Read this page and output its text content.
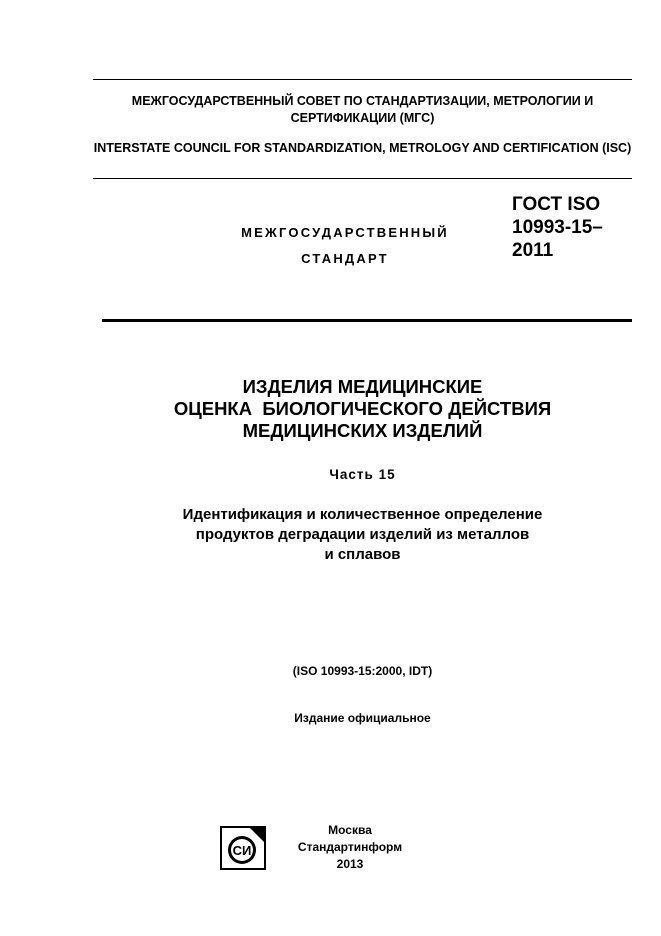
МЕЖГОСУДАРСТВЕННЫЙ СОВЕТ ПО СТАНДАРТИЗАЦИИ, МЕТРОЛОГИИ И СЕРТИФИКАЦИИ (МГС)
INTERSTATE COUNCIL FOR STANDARDIZATION, METROLOGY AND CERTIFICATION (ISC)
МЕЖГОСУДАРСТВЕННЫЙ
СТАНДАРТ
ГОСТ ISO
10993-15–
2011
ИЗДЕЛИЯ МЕДИЦИНСКИЕ
ОЦЕНКА  БИОЛОГИЧЕСКОГО ДЕЙСТВИЯ
МЕДИЦИНСКИХ ИЗДЕЛИЙ
Часть 15
Идентификация и количественное определение
продуктов деградации изделий из металлов
и сплавов
(ISO 10993-15:2000, IDT)
Издание официальное
СИ
Москва
Стандартинформ
2013
